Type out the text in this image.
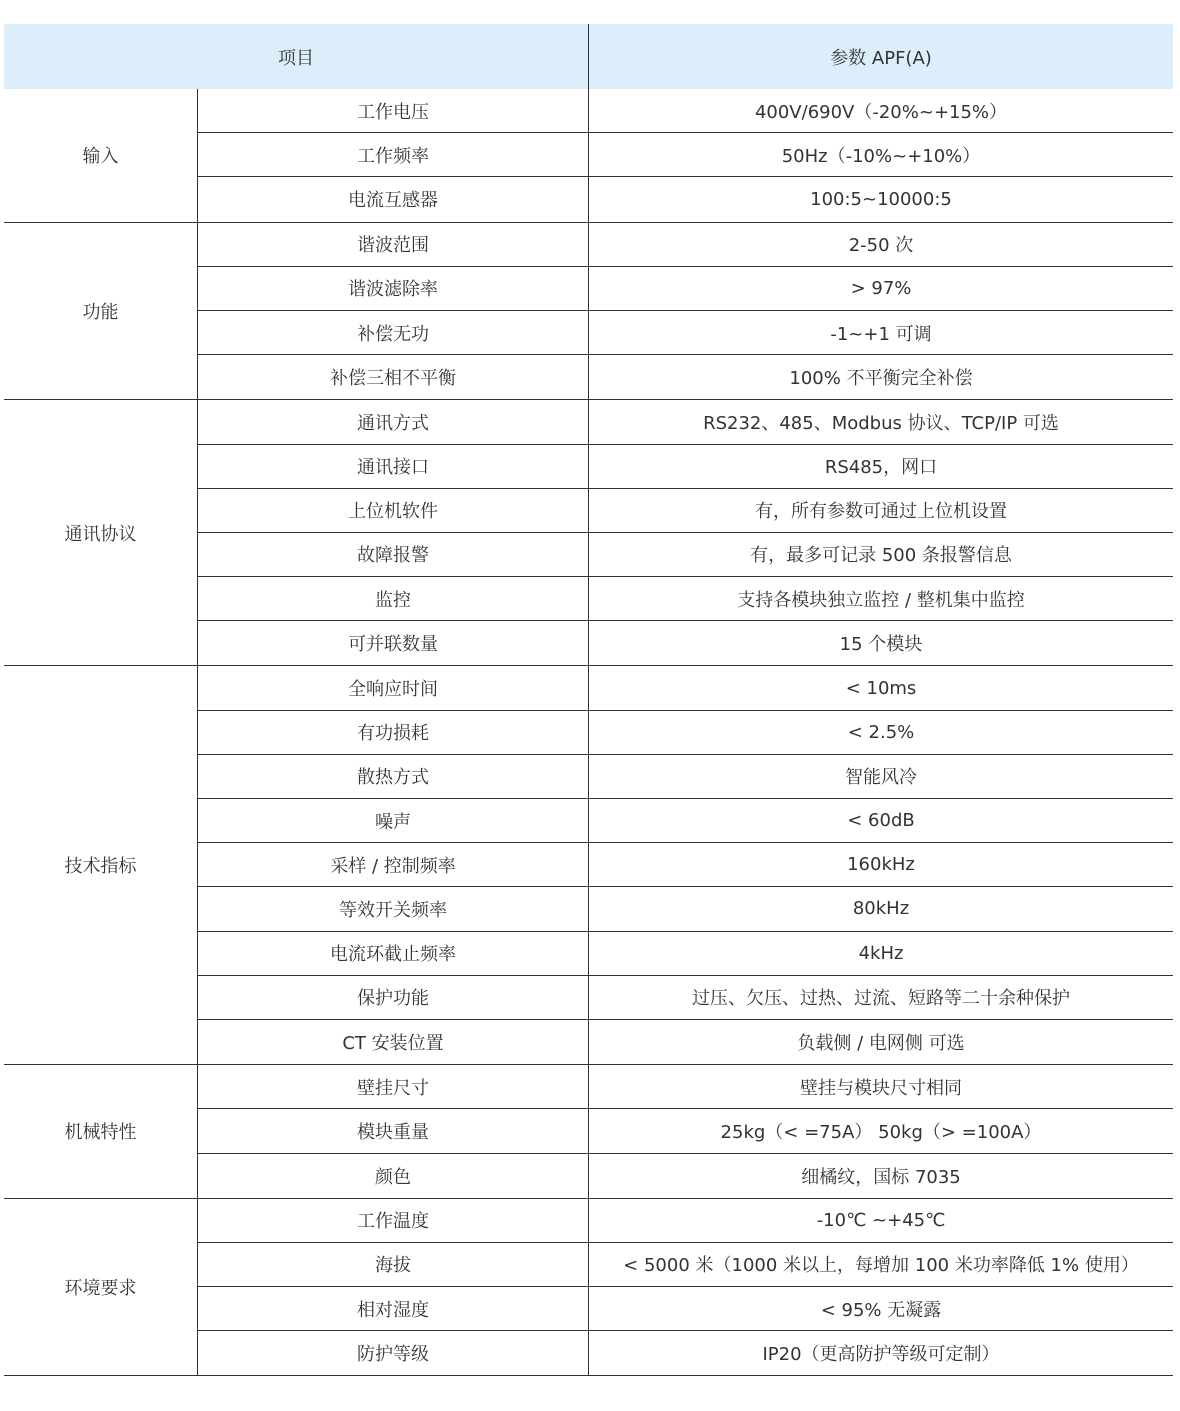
项目	参数 APF(A)
输入
工作电压	400V/690V（-20%~+15%）
工作频率	50Hz（-10%~+10%）
电流互感器	100:5~10000:5
功能
谐波范围	2-50 次
谐波滤除率	> 97%
补偿无功	-1~+1 可调
补偿三相不平衡	100% 不平衡完全补偿
通讯协议
通讯方式	RS232、485、Modbus 协议、TCP/IP 可选
通讯接口	RS485，网口
上位机软件	有，所有参数可通过上位机设置
故障报警	有，最多可记录 500 条报警信息
监控	支持各模块独立监控 / 整机集中监控
可并联数量	15 个模块
技术指标
全响应时间	< 10ms
有功损耗	< 2.5%
散热方式	智能风冷
噪声	< 60dB
采样 / 控制频率	160kHz
等效开关频率	80kHz
电流环截止频率	4kHz
保护功能	过压、欠压、过热、过流、短路等二十余种保护
CT 安装位置	负载侧 / 电网侧 可选
机械特性
壁挂尺寸	壁挂与模块尺寸相同
模块重量	25kg（< =75A） 50kg（> =100A）
颜色	细橘纹，国标 7035
环境要求
工作温度	-10℃ ~+45℃
海拔	< 5000 米（1000 米以上，每增加 100 米功率降低 1% 使用）
相对湿度	< 95% 无凝露
防护等级	IP20（更高防护等级可定制）
